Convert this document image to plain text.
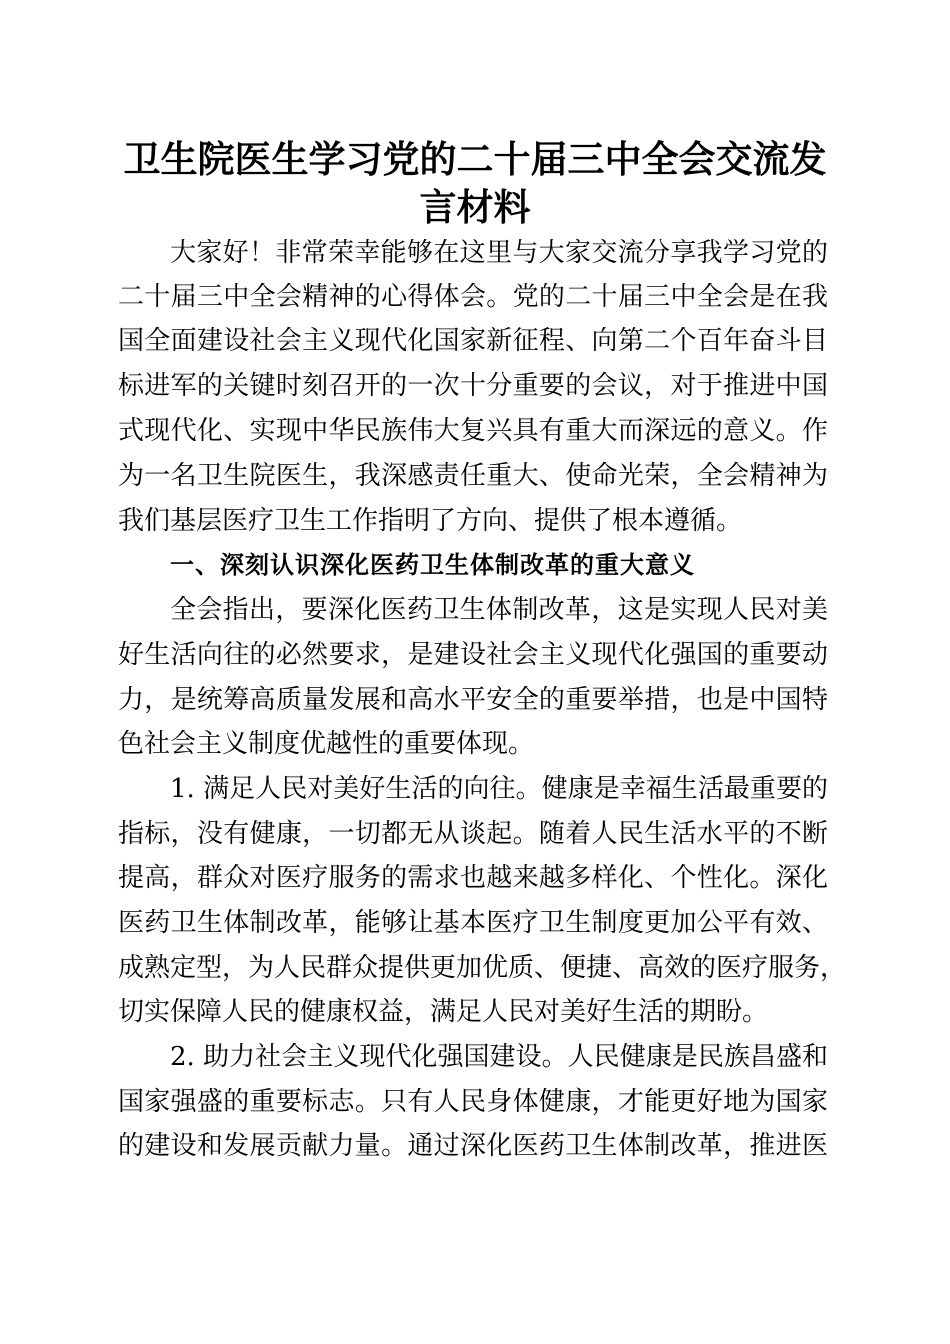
卫生院医生学习党的二十届三中全会交流发
言材料
大家好！非常荣幸能够在这里与大家交流分享我学习党的
二十届三中全会精神的心得体会。党的二十届三中全会是在我
国全面建设社会主义现代化国家新征程、向第二个百年奋斗目
标进军的关键时刻召开的一次十分重要的会议，对于推进中国
式现代化、实现中华民族伟大复兴具有重大而深远的意义。作
为一名卫生院医生，我深感责任重大、使命光荣，全会精神为
我们基层医疗卫生工作指明了方向、提供了根本遵循。
一、深刻认识深化医药卫生体制改革的重大意义
全会指出，要深化医药卫生体制改革，这是实现人民对美
好生活向往的必然要求，是建设社会主义现代化强国的重要动
力，是统筹高质量发展和高水平安全的重要举措，也是中国特
色社会主义制度优越性的重要体现。
1. 满足人民对美好生活的向往。健康是幸福生活最重要的
指标，没有健康，一切都无从谈起。随着人民生活水平的不断
提高，群众对医疗服务的需求也越来越多样化、个性化。深化
医药卫生体制改革，能够让基本医疗卫生制度更加公平有效、
成熟定型，为人民群众提供更加优质、便捷、高效的医疗服务，
切实保障人民的健康权益，满足人民对美好生活的期盼。
2. 助力社会主义现代化强国建设。人民健康是民族昌盛和
国家强盛的重要标志。只有人民身体健康，才能更好地为国家
的建设和发展贡献力量。通过深化医药卫生体制改革，推进医
